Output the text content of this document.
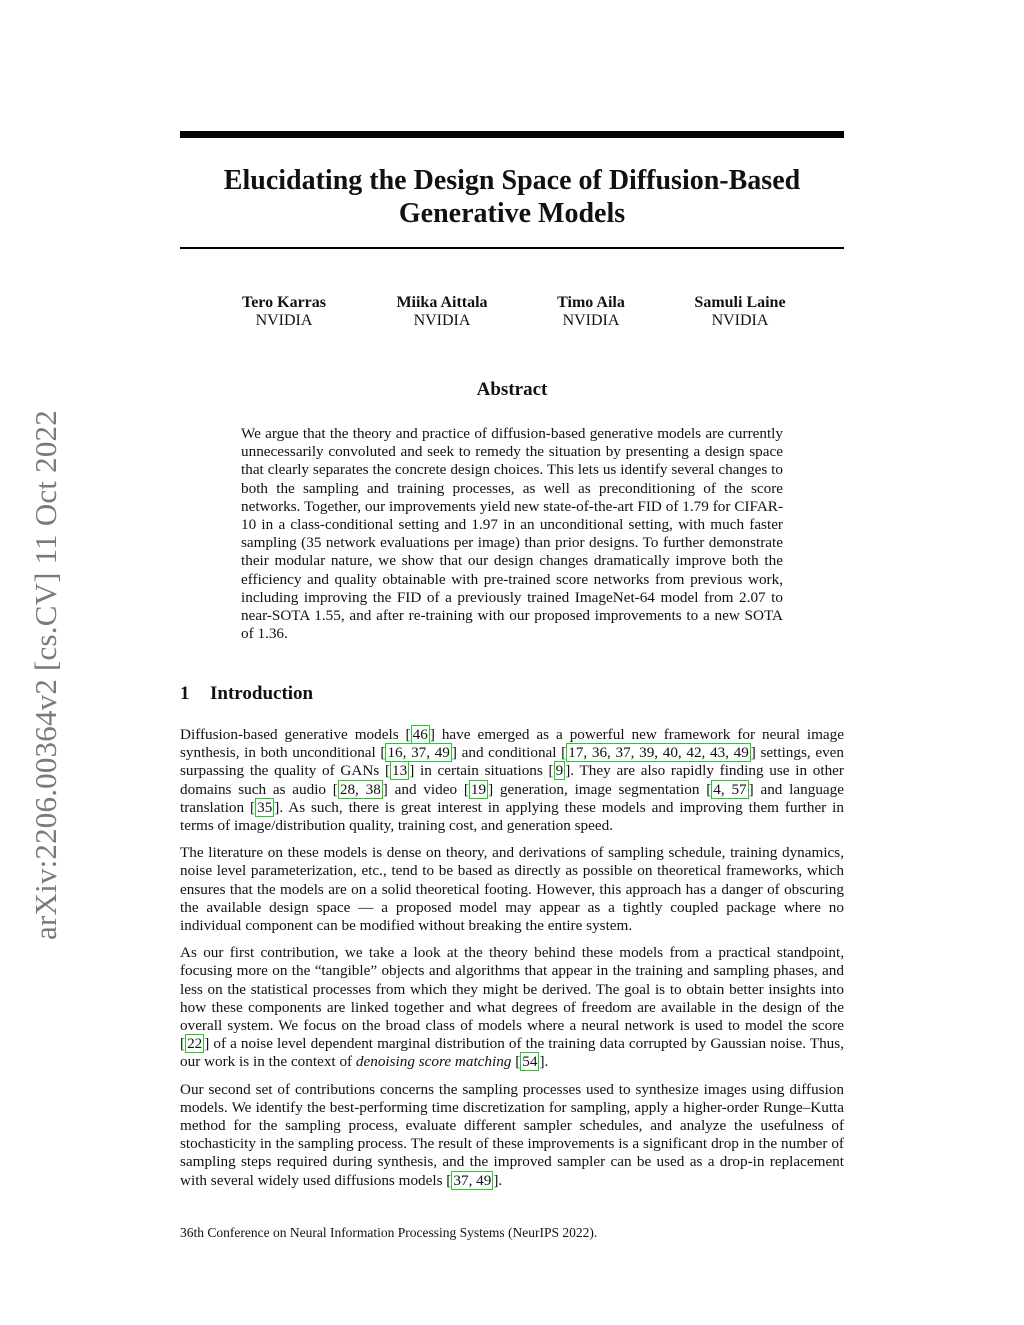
arXiv:2206.00364v2 [cs.CV] 11 Oct 2022
Elucidating the Design Space of Diffusion-Based
Generative Models
Tero Karras
NVIDIA
Miika Aittala
NVIDIA
Timo Aila
NVIDIA
Samuli Laine
NVIDIA
Abstract
We argue that the theory and practice of diffusion-based generative models are currently unnecessarily convoluted and seek to remedy the situation by presenting a design space that clearly separates the concrete design choices. This lets us identify several changes to both the sampling and training processes, as well as preconditioning of the score networks. Together, our improvements yield new state-of-the-art FID of 1.79 for CIFAR-10 in a class-conditional setting and 1.97 in an unconditional setting, with much faster sampling (35 network evaluations per image) than prior designs. To further demonstrate their modular nature, we show that our design changes dramatically improve both the efficiency and quality obtainable with pre-trained score networks from previous work, including improving the FID of a previously trained ImageNet-64 model from 2.07 to near-SOTA 1.55, and after re-training with our proposed improvements to a new SOTA of 1.36.
1 Introduction

Diffusion-based generative models [ 46 ] have emerged as a powerful new framework for neural image synthesis, in both unconditional [ 16, 37, 49 ] and conditional [ 17, 36, 37, 39, 40, 42, 43, 49 ] settings, even surpassing the quality of GANs [ 13 ] in certain situations [ 9 ]. They are also rapidly finding use in other domains such as audio [ 28, 38 ] and video [ 19 ] generation, image segmentation [ 4, 57 ] and language translation [ 35 ]. As such, there is great interest in applying these models and improving them further in terms of image/distribution quality, training cost, and generation speed.

The literature on these models is dense on theory, and derivations of sampling schedule, training dynamics, noise level parameterization, etc., tend to be based as directly as possible on theoretical frameworks, which ensures that the models are on a solid theoretical footing. However, this approach has a danger of obscuring the available design space — a proposed model may appear as a tightly coupled package where no individual component can be modified without breaking the entire system.

As our first contribution, we take a look at the theory behind these models from a practical standpoint, focusing more on the “tangible” objects and algorithms that appear in the training and sampling phases, and less on the statistical processes from which they might be derived. The goal is to obtain better insights into how these components are linked together and what degrees of freedom are available in the design of the overall system. We focus on the broad class of models where a neural network is used to model the score [ 22 ] of a noise level dependent marginal distribution of the training data corrupted by Gaussian noise. Thus, our work is in the context of denoising score matching [ 54 ].

Our second set of contributions concerns the sampling processes used to synthesize images using diffusion models. We identify the best-performing time discretization for sampling, apply a higher-order Runge–Kutta method for the sampling process, evaluate different sampler schedules, and analyze the usefulness of stochasticity in the sampling process. The result of these improvements is a significant drop in the number of sampling steps required during synthesis, and the improved sampler can be used as a drop-in replacement with several widely used diffusions models [ 37, 49 ].

36th Conference on Neural Information Processing Systems (NeurIPS 2022).
